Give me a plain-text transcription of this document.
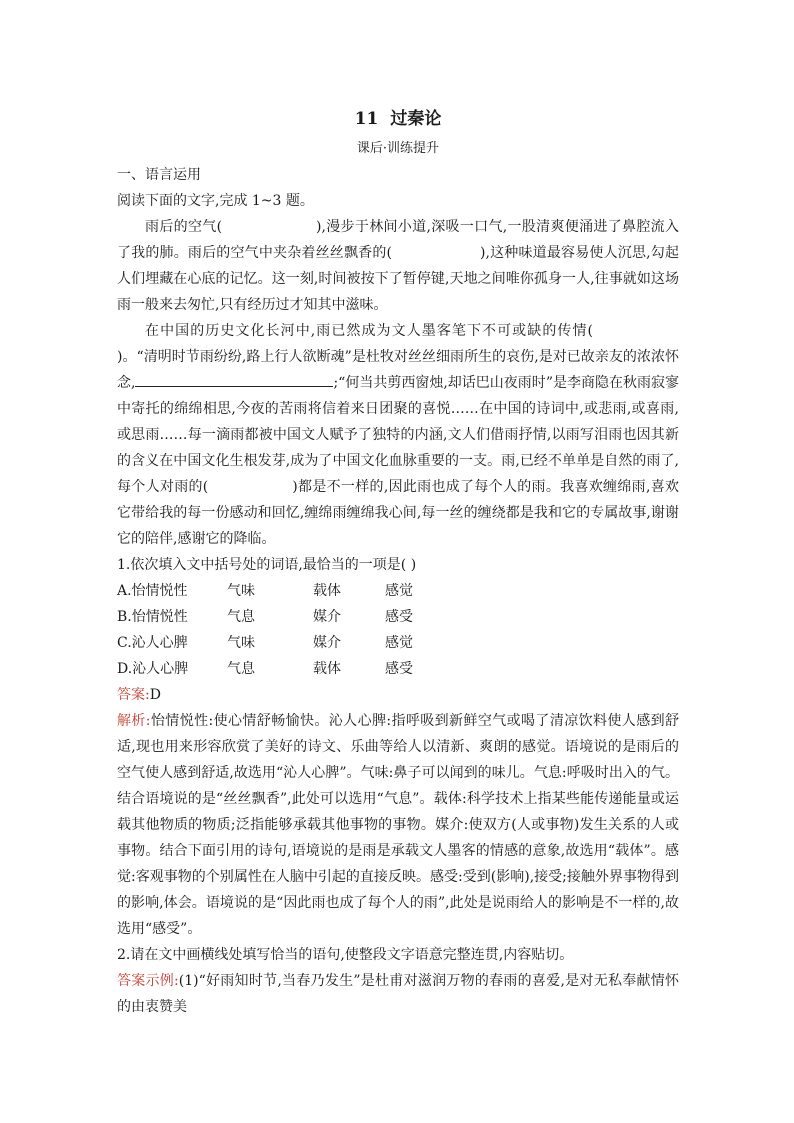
11 过秦论
课后·训练提升

一、语言运用

阅读下面的文字,完成 1~3 题。

雨后的空气(	),漫步于林间小道,深吸一口气,一股清爽便涌进了鼻腔流入了我的肺。雨后的空气中夹杂着丝丝飘香的(	),这种味道最容易使人沉思,勾起人们埋藏在心底的记忆。这一刻,时间被按下了暂停键,天地之间唯你孤身一人,往事就如这场雨一般来去匆忙,只有经历过才知其中滋味。

在中国的历史文化长河中,雨已然成为文人墨客笔下不可或缺的传情()。“清明时节雨纷纷,路上行人欲断魂”是杜牧对丝丝细雨所生的哀伤,是对已故亲友的浓浓怀念,	;“何当共剪西窗烛,却话巴山夜雨时”是李商隐在秋雨寂寥中寄托的绵绵相思,今夜的苦雨将信着来日团聚的喜悦……在中国的诗词中,或悲雨,或喜雨,或思雨……每一滴雨都被中国文人赋予了独特的内涵,文人们借雨抒情,以雨写泪雨也因其新的含义在中国文化生根发芽,成为了中国文化血脉重要的一支。雨,已经不单单是自然的雨了,每个人对雨的(	)都是不一样的,因此雨也成了每个人的雨。我喜欢缠绵雨,喜欢它带给我的每一份感动和回忆,缠绵雨缠绵我心间,每一丝的缠绕都是我和它的专属故事,谢谢它的陪伴,感谢它的降临。

1.依次填入文中括号处的词语,最恰当的一项是( )

A.怡情悦性	气味	载体	感觉
B.怡情悦性	气息	媒介	感受
C.沁人心脾	气味	媒介	感觉
D.沁人心脾	气息	载体	感受

答案:D

解析:怡情悦性:使心情舒畅愉快。沁人心脾:指呼吸到新鲜空气或喝了清凉饮料使人感到舒适,现也用来形容欣赏了美好的诗文、乐曲等给人以清新、爽朗的感觉。语境说的是雨后的空气使人感到舒适,故选用“沁人心脾”。气味:鼻子可以闻到的味儿。气息:呼吸时出入的气。结合语境说的是“丝丝飘香”,此处可以选用“气息”。载体:科学技术上指某些能传递能量或运载其他物质的物质;泛指能够承载其他事物的事物。媒介:使双方(人或事物)发生关系的人或事物。结合下面引用的诗句,语境说的是雨是承载文人墨客的情感的意象,故选用“载体”。感觉:客观事物的个别属性在人脑中引起的直接反映。感受:受到(影响),接受;接触外界事物得到的影响,体会。语境说的是“因此雨也成了每个人的雨”,此处是说雨给人的影响是不一样的,故选用“感受”。

2.请在文中画横线处填写恰当的语句,使整段文字语意完整连贯,内容贴切。

答案示例:(1)“好雨知时节,当春乃发生”是杜甫对滋润万物的春雨的喜爱,是对无私奉献情怀的由衷赞美
